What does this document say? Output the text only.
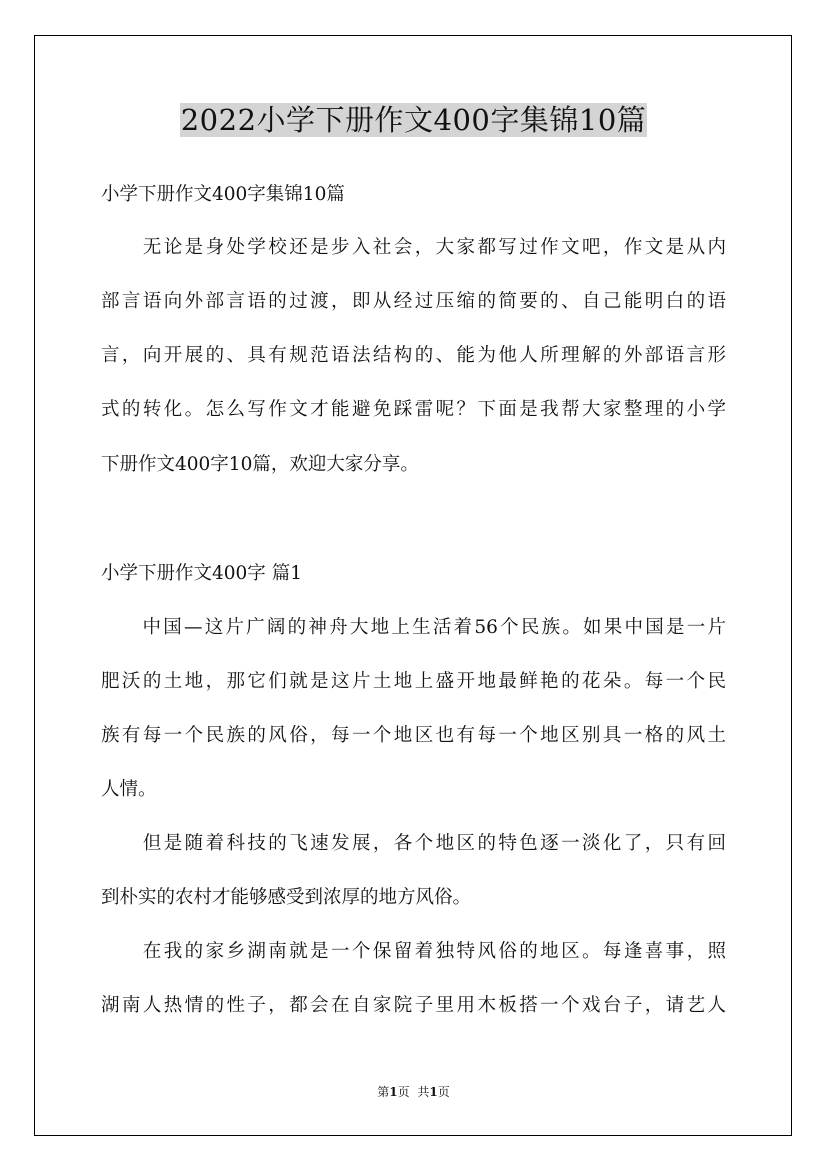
2022小学下册作文400字集锦10篇
小学下册作文400字集锦10篇
　　无论是身处学校还是步入社会，大家都写过作文吧，作文是从内
部言语向外部言语的过渡，即从经过压缩的简要的、自己能明白的语
言，向开展的、具有规范语法结构的、能为他人所理解的外部语言形
式的转化。怎么写作文才能避免踩雷呢？下面是我帮大家整理的小学
下册作文400字10篇，欢迎大家分享。
小学下册作文400字 篇1
　　中国—这片广阔的神舟大地上生活着56个民族。如果中国是一片
肥沃的土地，那它们就是这片土地上盛开地最鲜艳的花朵。每一个民
族有每一个民族的风俗，每一个地区也有每一个地区别具一格的风土
人情。
　　但是随着科技的飞速发展，各个地区的特色逐一淡化了，只有回
到朴实的农村才能够感受到浓厚的地方风俗。
　　在我的家乡湖南就是一个保留着独特风俗的地区。每逢喜事，照
湖南人热情的性子，都会在自家院子里用木板搭一个戏台子，请艺人
第1页 共1页
